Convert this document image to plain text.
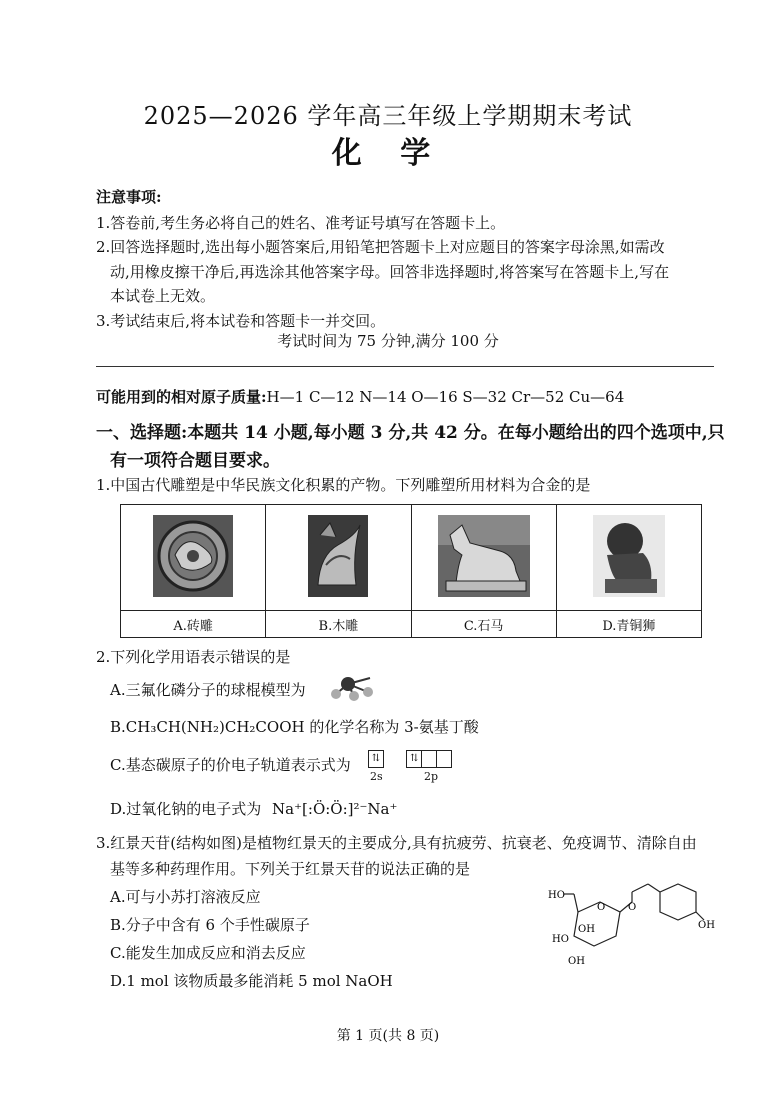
2025—2026 学年高三年级上学期期末考试
化 学
注意事项:
1.答卷前,考生务必将自己的姓名、准考证号填写在答题卡上。
2.回答选择题时,选出每小题答案后,用铅笔把答题卡上对应题目的答案字母涂黑,如需改
动,用橡皮擦干净后,再选涂其他答案字母。回答非选择题时,将答案写在答题卡上,写在
本试卷上无效。
3.考试结束后,将本试卷和答题卡一并交回。
考试时间为 75 分钟,满分 100 分
可能用到的相对原子质量:H—1 C—12 N—14 O—16 S—32 Cr—52 Cu—64
一、选择题:本题共 14 小题,每小题 3 分,共 42 分。在每小题给出的四个选项中,只
有一项符合题目要求。
1.中国古代雕塑是中华民族文化积累的产物。下列雕塑所用材料为合金的是

A.砖雕	B.木雕	C.石马	D.青铜狮
2.下列化学用语表示错误的是
A.三氟化磷分子的球棍模型为
B.CH₃CH(NH₂)CH₂COOH 的化学名称为 3-氨基丁酸
C.基态碳原子的价电子轨道表示式为	⇅	⇅
2s	2p
D.过氧化钠的电子式为 Na⁺[:Ö:Ö:]²⁻Na⁺
3.红景天苷(结构如图)是植物红景天的主要成分,具有抗疲劳、抗衰老、免疫调节、清除自由
基等多种药理作用。下列关于红景天苷的说法正确的是
A.可与小苏打溶液反应
B.分子中含有 6 个手性碳原子
C.能发生加成反应和消去反应
D.1 mol 该物质最多能消耗 5 mol NaOH
HO
OH
HO
OH
OH
O O
第 1 页(共 8 页)
